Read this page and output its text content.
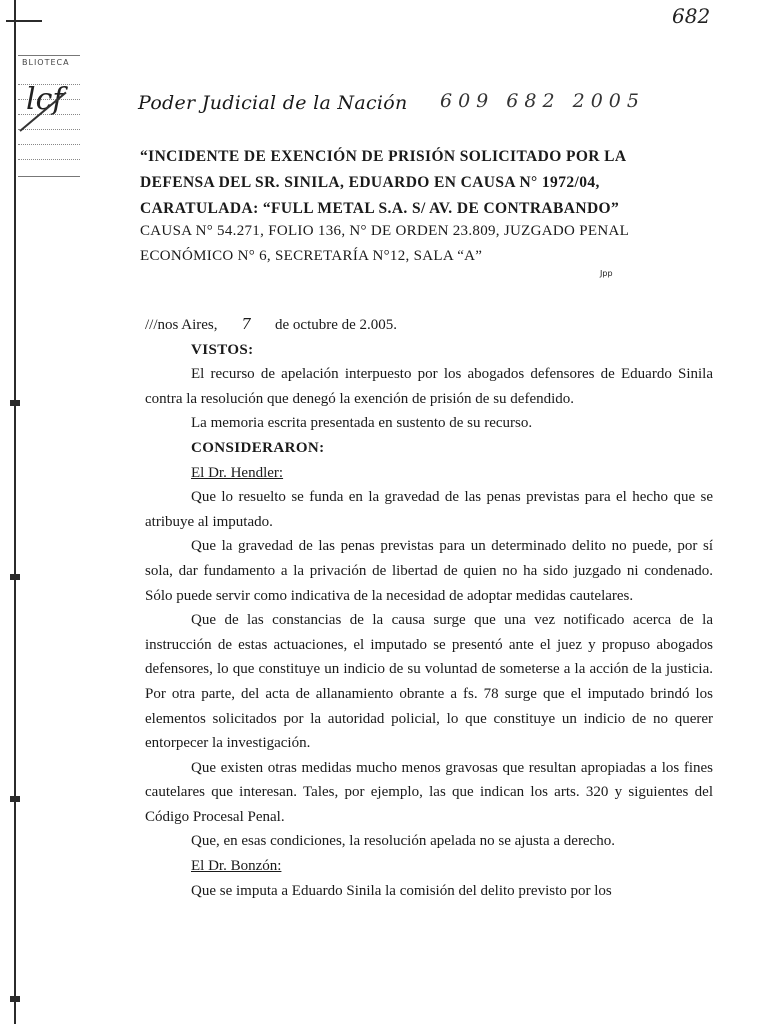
BLIOTECA
682
lcf	Poder Judicial de la Nación 609 682 2005
“INCIDENTE DE EXENCIÓN DE PRISIÓN SOLICITADO POR LA
DEFENSA DEL SR. SINILA, EDUARDO EN CAUSA N° 1972/04,
CARATULADA: “FULL METAL S.A. S/ AV. DE CONTRABANDO”
CAUSA N° 54.271, FOLIO 136, N° DE ORDEN 23.809, JUZGADO PENAL
ECONÓMICO N° 6, SECRETARÍA N°12, SALA “A”
Jpp

///nos Aires, 7 de octubre de 2.005.

VISTOS:

El recurso de apelación interpuesto por los abogados defensores de Eduardo Sinila contra la resolución que denegó la exención de prisión de su defendido.

La memoria escrita presentada en sustento de su recurso.

CONSIDERARON:

El Dr. Hendler:

Que lo resuelto se funda en la gravedad de las penas previstas para el hecho que se atribuye al imputado.

Que la gravedad de las penas previstas para un determinado delito no puede, por sí sola, dar fundamento a la privación de libertad de quien no ha sido juzgado ni condenado. Sólo puede servir como indicativa de la necesidad de adoptar medidas cautelares.

Que de las constancias de la causa surge que una vez notificado acerca de la instrucción de estas actuaciones, el imputado se presentó ante el juez y propuso abogados defensores, lo que constituye un indicio de su voluntad de someterse a la acción de la justicia. Por otra parte, del acta de allanamiento obrante a fs. 78 surge que el imputado brindó los elementos solicitados por la autoridad policial, lo que constituye un indicio de no querer entorpecer la investigación.

Que existen otras medidas mucho menos gravosas que resultan apropiadas a los fines cautelares que interesan. Tales, por ejemplo, las que indican los arts. 320 y siguientes del Código Procesal Penal.

Que, en esas condiciones, la resolución apelada no se ajusta a derecho.

El Dr. Bonzón:

Que se imputa a Eduardo Sinila la comisión del delito previsto por los
